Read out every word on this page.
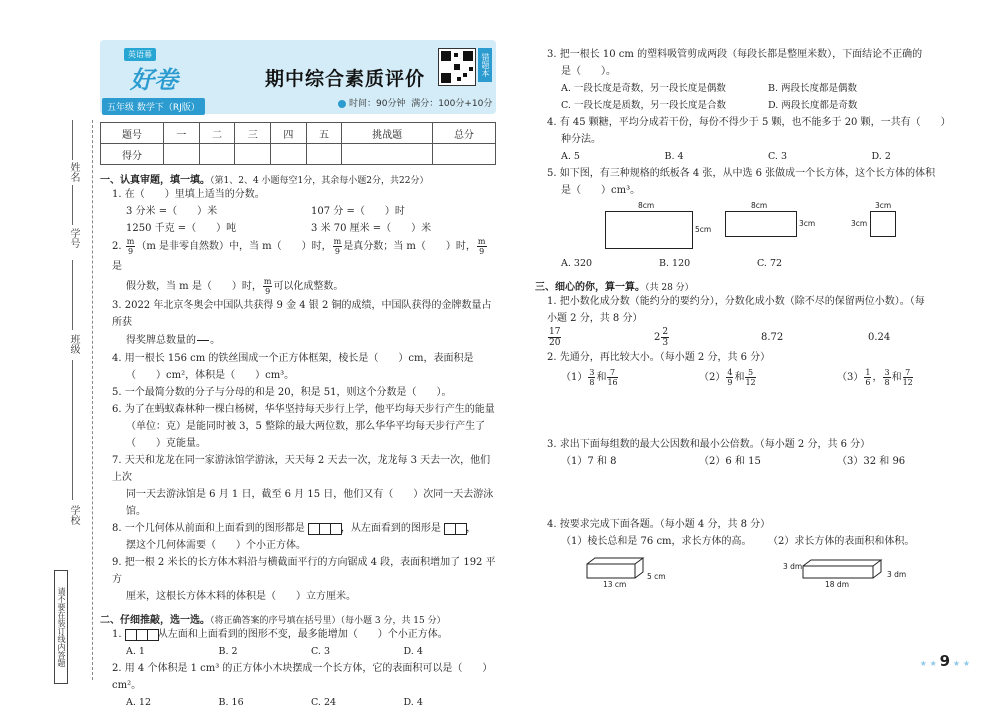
姓名
学号
班级
学校
请不要在装订线内答题
英语幕
好卷
五年级 数学下（RJ版）
期中综合素质评价
错题本
时间：90分钟 满分：100分+10分
题号	一	二	三	四	五	挑战题	总分
得分							
一、认真审题，填一填。（第1、2、4 小题每空1分，其余每小题2分，共22分）
1. 在（　　）里填上适当的分数。
3 分米 =（　　）米	107 分 =（　　）时
1250 千克 =（　　）吨	3 米 70 厘米 =（　　）米
2. $\frac{m}{9} (m$ 是非零自然数）中，当 m（　　）时， $\frac{m}{9}$ 是真分数；当 m（　　）时， $\frac{m}{9}$
是
假分数，当 m 是（　　）时， $\frac{m}{9}$ 可以化成整数。
3. 2022 年北京冬奥会中国队共获得 9 金 4 银 2 铜的成绩，中国队获得的金牌数量占所获
得奖牌总数量的

。
4. 用一根长 156 cm 的铁丝围成一个正方体框架，棱长是（　　）cm，表面积是
（　　）cm²，体积是（　　）cm³。
5. 一个最简分数的分子与分母的和是 20，积是 51，则这个分数是（　　）。
6. 为了在蚂蚁森林种一棵白杨树，华华坚持每天步行上学，他平均每天步行产生的能量
（单位：克）是能同时被 3，5 整除的最大两位数，那么华华平均每天步行产生了
（　　）克能量。
7. 天天和龙龙在同一家游泳馆学游泳，天天每 2 天去一次，龙龙每 3 天去一次，他们上次
同一天去游泳馆是 6 月 1 日，截至 6 月 15 日，他们又有（　　）次同一天去游泳馆。
8. 一个几何体从前面和上面看到的图形都是	，从左面看到的图形是	，
摆这个几何体需要（　　）个小正方体。
9. 把一根 2 米长的长方体木料沿与横截面平行的方向锯成 4 段，表面积增加了 192 平方
厘米，这根长方体木料的体积是（　　）立方厘米。
二、仔细推敲，选一选。（将正确答案的序号填在括号里）（每小题 3 分，共 15 分）
1.	从左面和上面看到的图形不变，最多能增加（　　）个小正方体。
A. 1	B. 2	C. 3	D. 4
2. 用 4 个体积是 1 cm³ 的正方体小木块摆成一个长方体，它的表面积可以是（　　）cm²。
A. 12	B. 16	C. 24	D. 4
3. 把一根长 10 cm 的塑料吸管剪成两段（每段长都是整厘米数），下面结论不正确的
是（　　）。
A. 一段长度是奇数，另一段长度是偶数	B. 两段长度都是偶数
C. 一段长度是质数，另一段长度是合数	D. 两段长度都是奇数
4. 有 45 颗糖，平均分成若干份，每份不得少于 5 颗，也不能多于 20 颗，一共有（　　）
种分法。
A. 5	B. 4	C. 3	D. 2
5. 如下图，有三种规格的纸板各 4 张，从中选 6 张做成一个长方体，这个长方体的体积
是（　　）cm³。
8cm
5cm
8cm
3cm
3cm
3cm
A. 320	B. 120	C. 72
三、细心的你，算一算。（共 28 分）
1. 把小数化成分数（能约分的要约分），分数化成小数（除不尽的保留两位小数）。（每
小题 2 分，共 8 分）
$\frac{17}{20}$	$2 \frac{2}{3}$	8.72	0.24
2. 先通分，再比较大小。（每小题 2 分，共 6 分）
$(1) \frac{3}{8}$ 和 $\frac{7}{16}$	$(2) \frac{4}{9}$ 和 $\frac{5}{12}$	$(3) \frac{1}{6}$ ， $\frac{3}{8}$ 和 $\frac{7}{12}$
3. 求出下面每组数的最大公因数和最小公倍数。（每小题 2 分，共 6 分）
（1）7 和 8	（2）6 和 15	（3）32 和 96
4. 按要求完成下面各题。（每小题 4 分，共 8 分）
（1）棱长总和是 76 cm，求长方体的高。	（2）求长方体的表面积和体积。
13 cm
5 cm
3 dm
18 dm
3 dm
★ ★ 9 ★ ★
